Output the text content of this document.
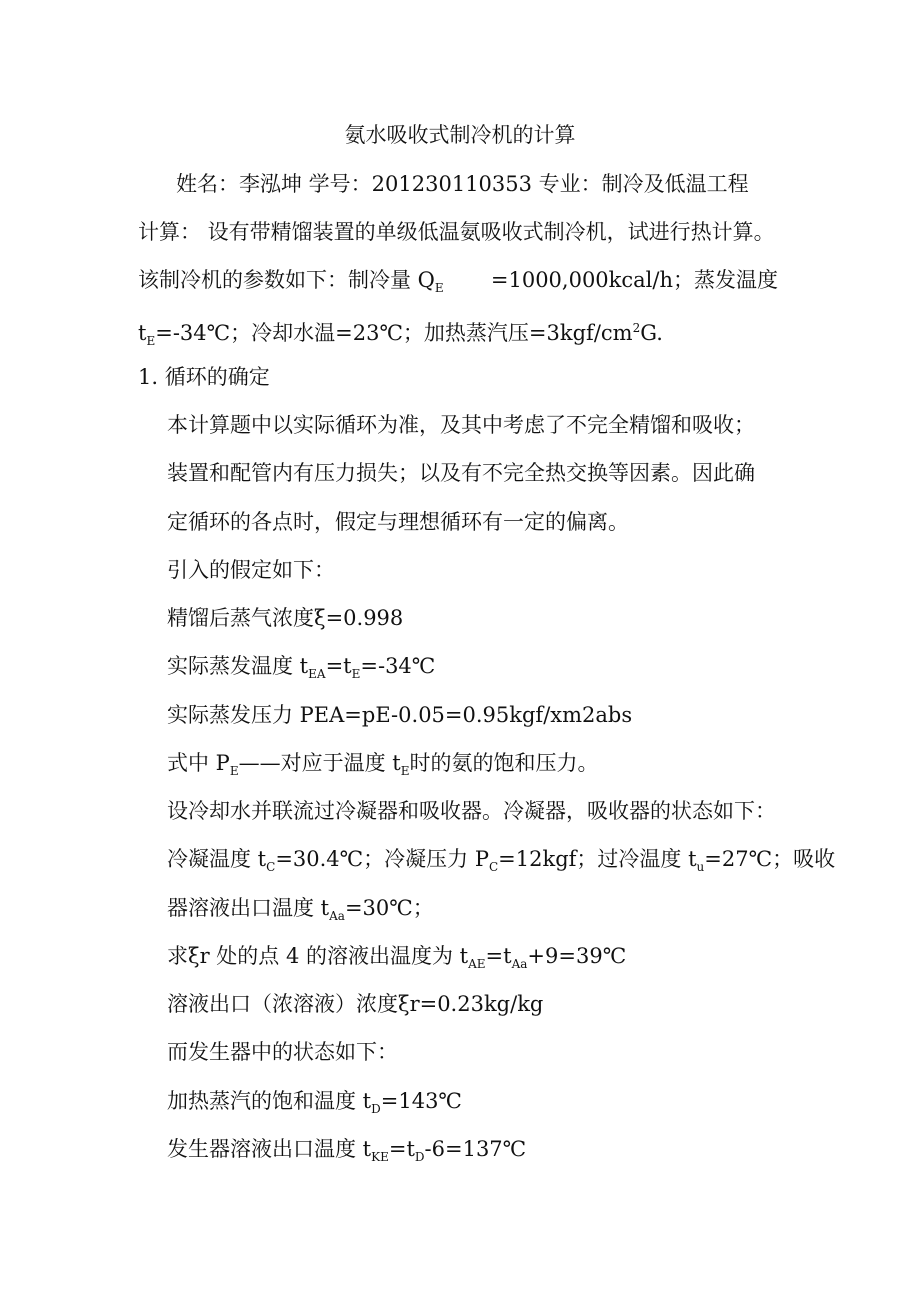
氨水吸收式制冷机的计算
姓名：李泓坤 学号：201230110353 专业：制冷及低温工程
计算： 设有带精馏装置的单级低温氨吸收式制冷机，试进行热计算。
该制冷机的参数如下：制冷量 $Q_E$ =1000,000kcal/h；蒸发温度
$t_E=-34℃$；冷却水温=23℃；加热蒸汽压$=3kgf/cm^2G$.
1. 循环的确定
本计算题中以实际循环为准，及其中考虑了不完全精馏和吸收；
装置和配管内有压力损失；以及有不完全热交换等因素。因此确
定循环的各点时，假定与理想循环有一定的偏离。
引入的假定如下：
精馏后蒸气浓度ξ=0.998
实际蒸发温度 $t_{EA}=t_E=-34℃$
实际蒸发压力 PEA=pE-0.05=0.95kgf/xm2abs
式中 $P_E——$对应于温度 $t_E$时的氨的饱和压力。
设冷却水并联流过冷凝器和吸收器。冷凝器，吸收器的状态如下：
冷凝温度 $t_C=30.4℃$；冷凝压力 $P_C=12kgf$；过冷温度 $t_u=27℃$；吸收
器溶液出口温度 $t_{Aa}=30℃$；
求ξr 处的点 4 的溶液出温度为 $t_{AE}=t_{Aa}+9=39℃$
溶液出口（浓溶液）浓度ξr=0.23kg/kg
而发生器中的状态如下：
加热蒸汽的饱和温度 $t_D=143℃$
发生器溶液出口温度 $t_{KE}=t_D-6=137℃$
